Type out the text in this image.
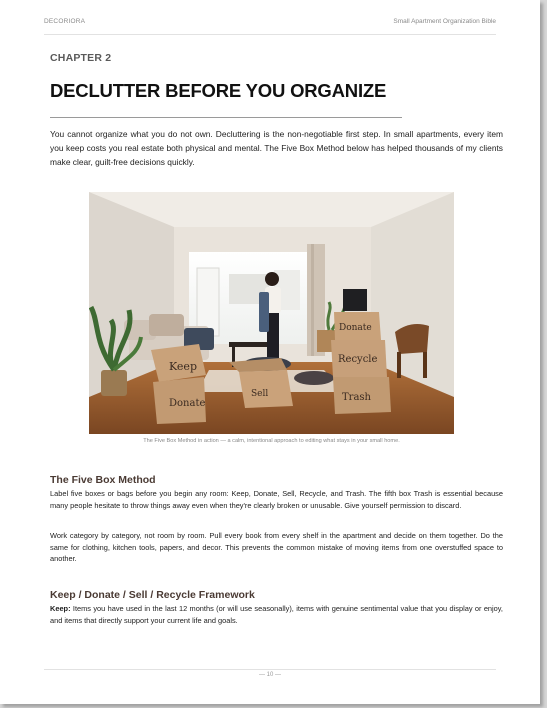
DECORIORA	Small Apartment Organization Bible
CHAPTER 2
DECLUTTER BEFORE YOU ORGANIZE
You cannot organize what you do not own. Decluttering is the non-negotiable first step. In small apartments, every item you keep costs you real estate both physical and mental. The Five Box Method below has helped thousands of my clients make clear, guilt-free decisions quickly.
Keep
Donate
Sell
Donate
Recycle
Trash
The Five Box Method in action — a calm, intentional approach to editing what stays in your small home.
The Five Box Method
Label five boxes or bags before you begin any room: Keep, Donate, Sell, Recycle, and Trash. The fifth box Trash is essential because many people hesitate to throw things away even when they're clearly broken or unusable. Give yourself permission to discard.
Work category by category, not room by room. Pull every book from every shelf in the apartment and decide on them together. Do the same for clothing, kitchen tools, papers, and decor. This prevents the common mistake of moving items from one overstuffed space to another.
Keep / Donate / Sell / Recycle Framework
Keep: Items you have used in the last 12 months (or will use seasonally), items with genuine sentimental value that you display or enjoy, and items that directly support your current life and goals.
— 10 —
